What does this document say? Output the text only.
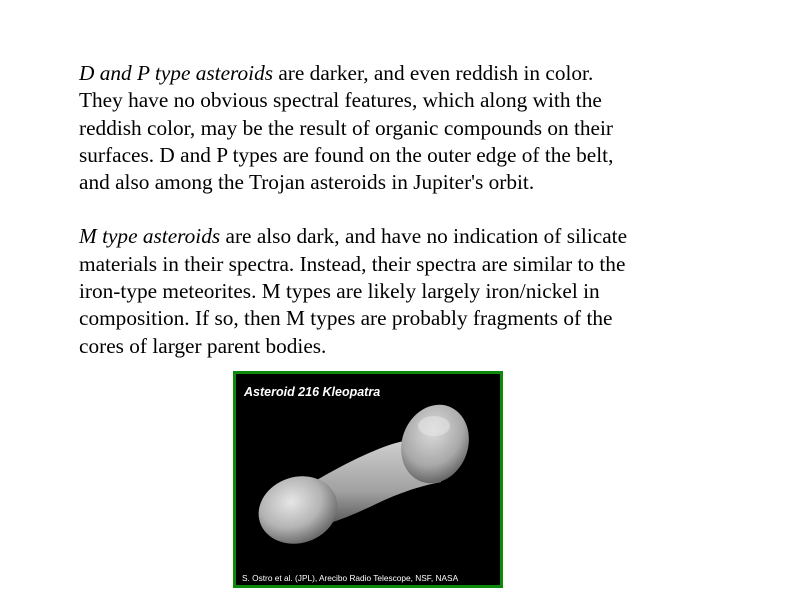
D and P type asteroids are darker, and even reddish in color.
They have no obvious spectral features, which along with the
reddish color, may be the result of organic compounds on their
surfaces. D and P types are found on the outer edge of the belt,
and also among the Trojan asteroids in Jupiter's orbit.

M type asteroids are also dark, and have no indication of silicate
materials in their spectra. Instead, their spectra are similar to the
iron-type meteorites. M types are likely largely iron/nickel in
composition. If so, then M types are probably fragments of the
cores of larger parent bodies.

Asteroid 216 Kleopatra
S. Ostro et al. (JPL), Arecibo Radio Telescope, NSF, NASA
